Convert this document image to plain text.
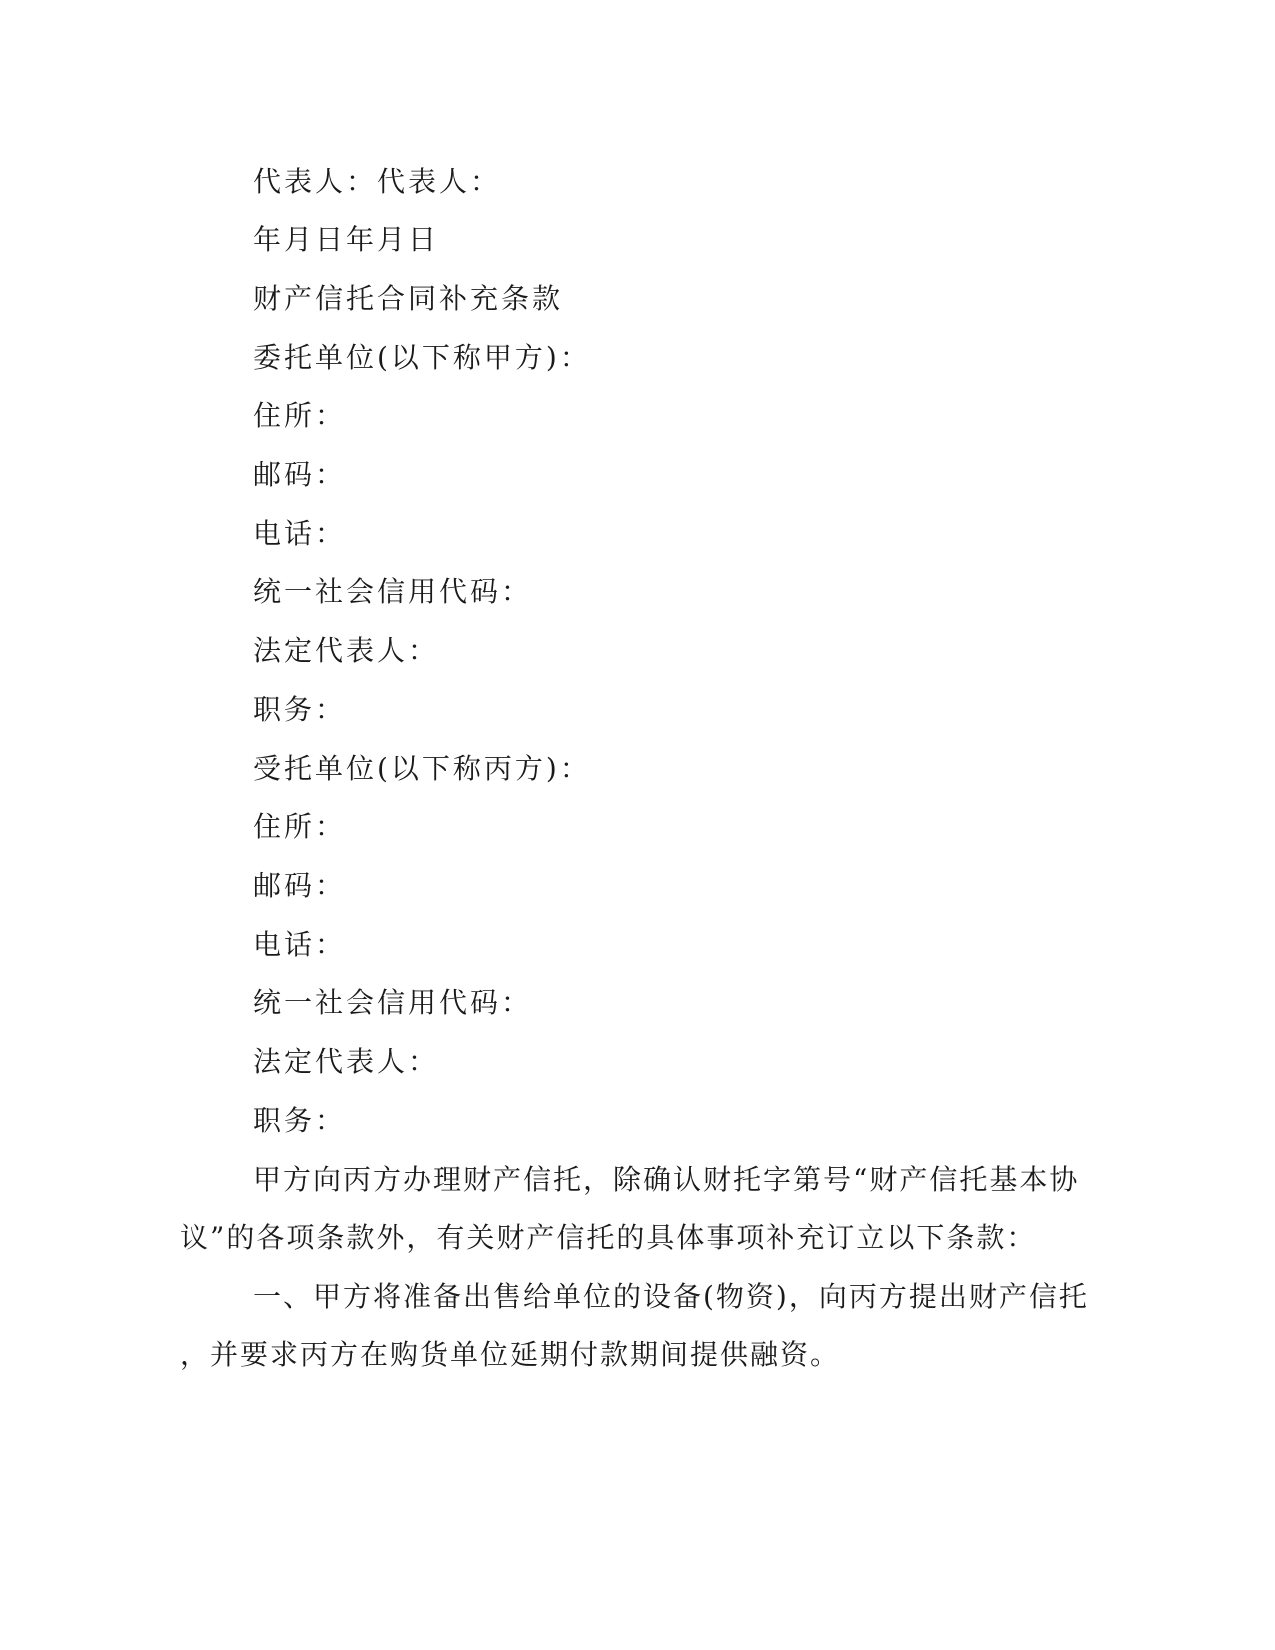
代表人：代表人：
年月日年月日
财产信托合同补充条款
委托单位(以下称甲方)：
住所：
邮码：
电话：
统一社会信用代码：
法定代表人：
职务：
受托单位(以下称丙方)：
住所：
邮码：
电话：
统一社会信用代码：
法定代表人：
职务：
甲方向丙方办理财产信托，除确认财托字第号“财产信托基本协
议”的各项条款外，有关财产信托的具体事项补充订立以下条款：
一、甲方将准备出售给单位的设备(物资)，向丙方提出财产信托
，并要求丙方在购货单位延期付款期间提供融资。
